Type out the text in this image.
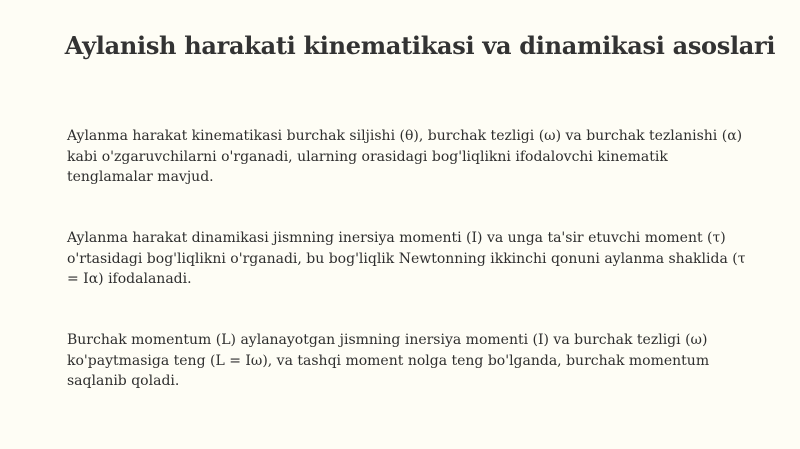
Aylanish harakati kinematikasi va dinamikasi asoslari

Aylanma harakat kinematikasi burchak siljishi (θ), burchak tezligi (ω) va burchak tezlanishi (α) kabi o'zgaruvchilarni o'rganadi, ularning orasidagi bog'liqlikni ifodalovchi kinematik tenglamalar mavjud.

Aylanma harakat dinamikasi jismning inersiya momenti (I) va unga ta'sir etuvchi moment (τ) o'rtasidagi bog'liqlikni o'rganadi, bu bog'liqlik Newtonning ikkinchi qonuni aylanma shaklida (τ = Iα) ifodalanadi.

Burchak momentum (L) aylanayotgan jismning inersiya momenti (I) va burchak tezligi (ω) ko'paytmasiga teng (L = Iω), va tashqi moment nolga teng bo'lganda, burchak momentum saqlanib qoladi.
